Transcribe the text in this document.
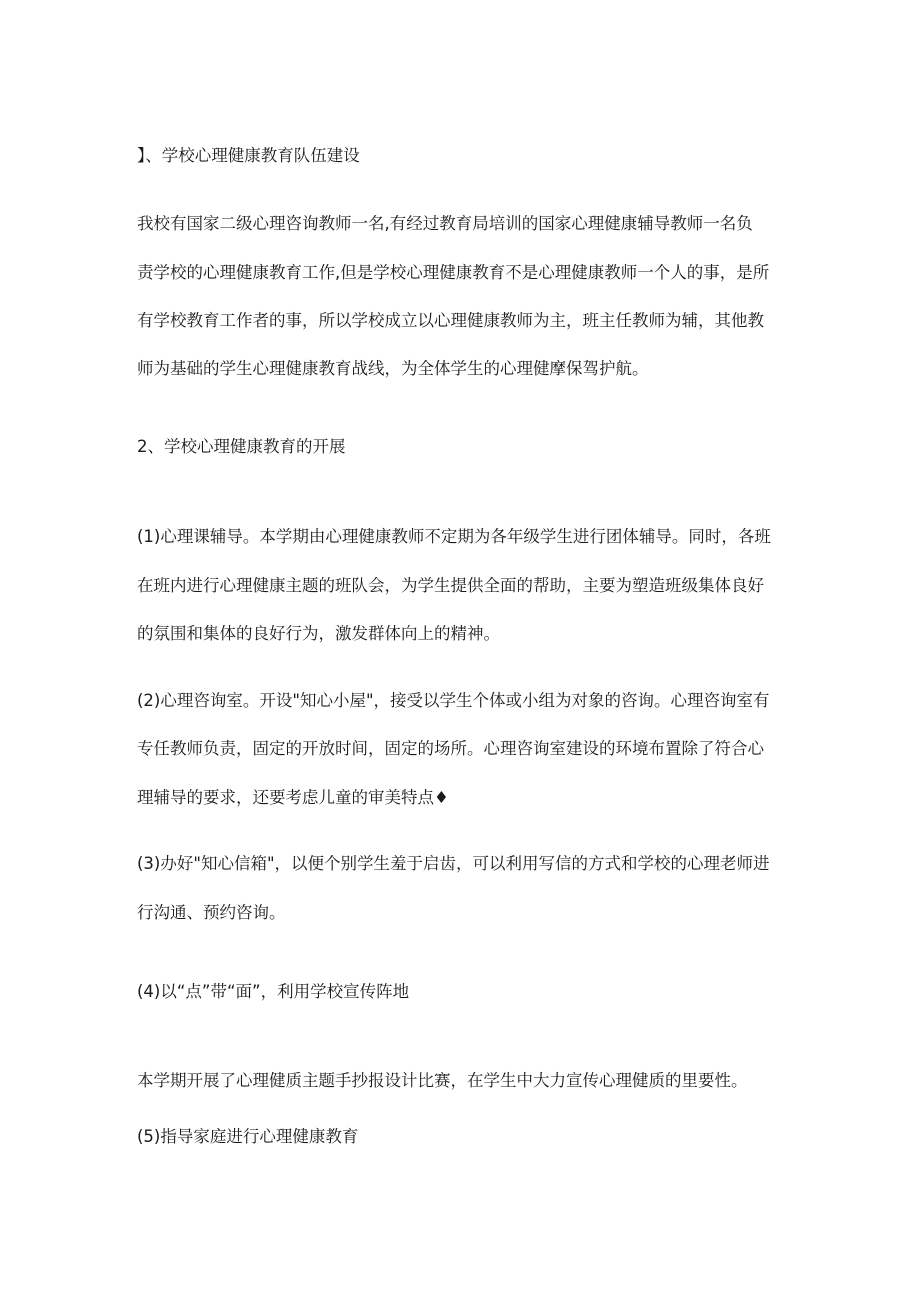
】、学校心理健康教育队伍建设
我校有国家二级心理咨询教师一名,有经过教育局培训的国家心理健康辅导教师一名负
责学校的心理健康教育工作,但是学校心理健康教育不是心理健康教师一个人的事，是所
有学校教育工作者的事，所以学校成立以心理健康教师为主，班主任教师为辅，其他教
师为基础的学生心理健康教育战线，为全体学生的心理健摩保驾护航。
2、学校心理健康教育的开展
(1)心理课辅导。本学期由心理健康教师不定期为各年级学生进行团体辅导。同时，各班
在班内进行心理健康主题的班队会，为学生提供全面的帮助，主要为塑造班级集体良好
的氛围和集体的良好行为，激发群体向上的精神。
(2)心理咨询室。开设"知心小屋"，接受以学生个体或小组为对象的咨询。心理咨询室有
专任教师负责，固定的开放时间，固定的场所。心理咨询室建设的环境布置除了符合心
理辅导的要求，还要考虑儿童的审美特点♦
(3)办好"知心信箱"，以便个别学生羞于启齿，可以利用写信的方式和学校的心理老师进
行沟通、预约咨询。
(4)以“点”带“面”，利用学校宣传阵地
本学期开展了心理健质主题手抄报设计比赛，在学生中大力宣传心理健质的里要性。
(5)指导家庭进行心理健康教育
